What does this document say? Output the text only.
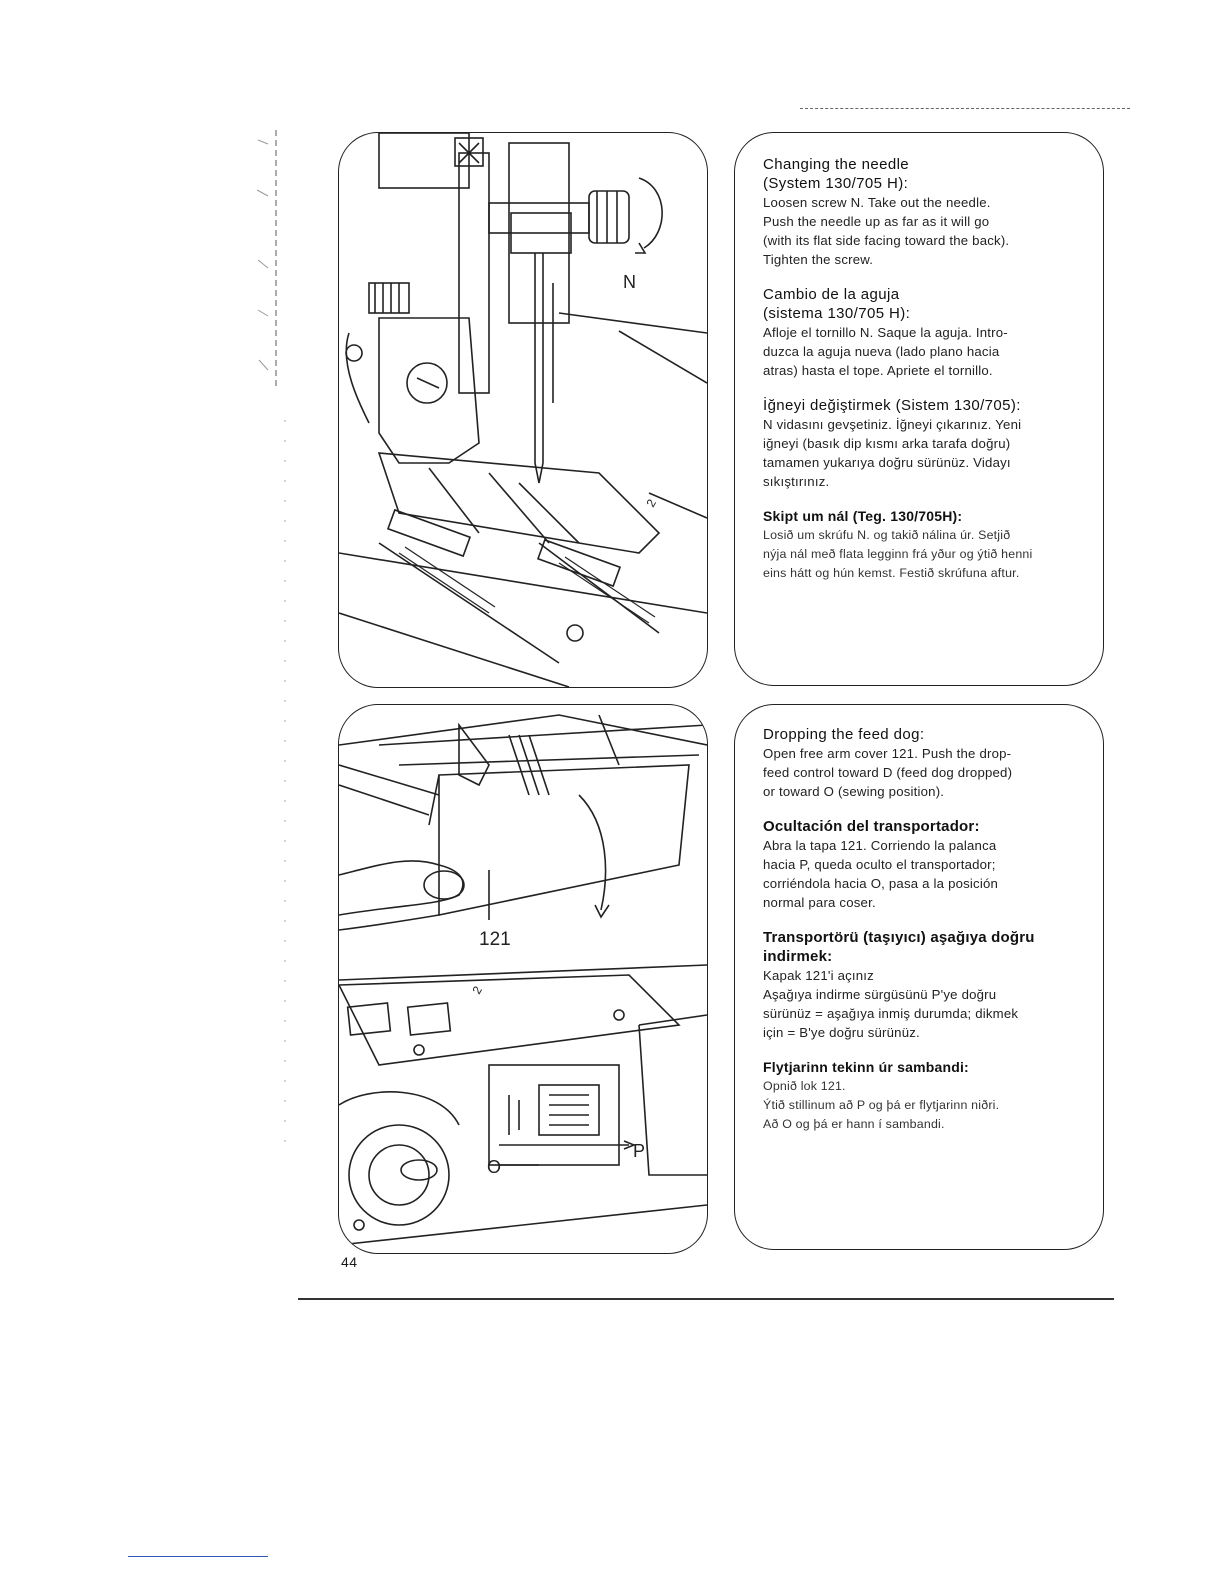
N
2
Changing the needle
(System 130/705 H):
Loosen screw N. Take out the needle.
Push the needle up as far as it will go
(with its flat side facing toward the back).
Tighten the screw.
Cambio de la aguja
(sistema 130/705 H):
Afloje el tornillo N. Saque la aguja. Intro-
duzca la aguja nueva (lado plano hacia
atras) hasta el tope. Apriete el tornillo.
İğneyi değiştirmek (Sistem 130/705):
N vidasını gevşetiniz. İğneyi çıkarınız. Yeni
iğneyi (basık dip kısmı arka tarafa doğru)
tamamen yukarıya doğru sürünüz. Vidayı
sıkıştırınız.
Skipt um nál (Teg. 130/705H):
Losið um skrúfu N. og takið nálina úr. Setjið
nýja nál með flata legginn frá yður og ýtið henni
eins hátt og hún kemst. Festið skrúfuna aftur.
121
P
O
2
Dropping the feed dog:
Open free arm cover 121. Push the drop-
feed control toward D (feed dog dropped)
or toward O (sewing position).
Ocultación del transportador:
Abra la tapa 121. Corriendo la palanca
hacia P, queda oculto el transportador;
corriéndola hacia O, pasa a la posición
normal para coser.
Transportörü (taşıyıcı) aşağıya doğru
indirmek:
Kapak 121'i açınız
Aşağıya indirme sürgüsünü P'ye doğru
sürünüz = aşağıya inmiş durumda; dikmek
için = B'ye doğru sürünüz.
Flytjarinn tekinn úr sambandi:
Opnið lok 121.
Ýtið stillinum að P og þá er flytjarinn niðri.
Að O og þá er hann í sambandi.
44
